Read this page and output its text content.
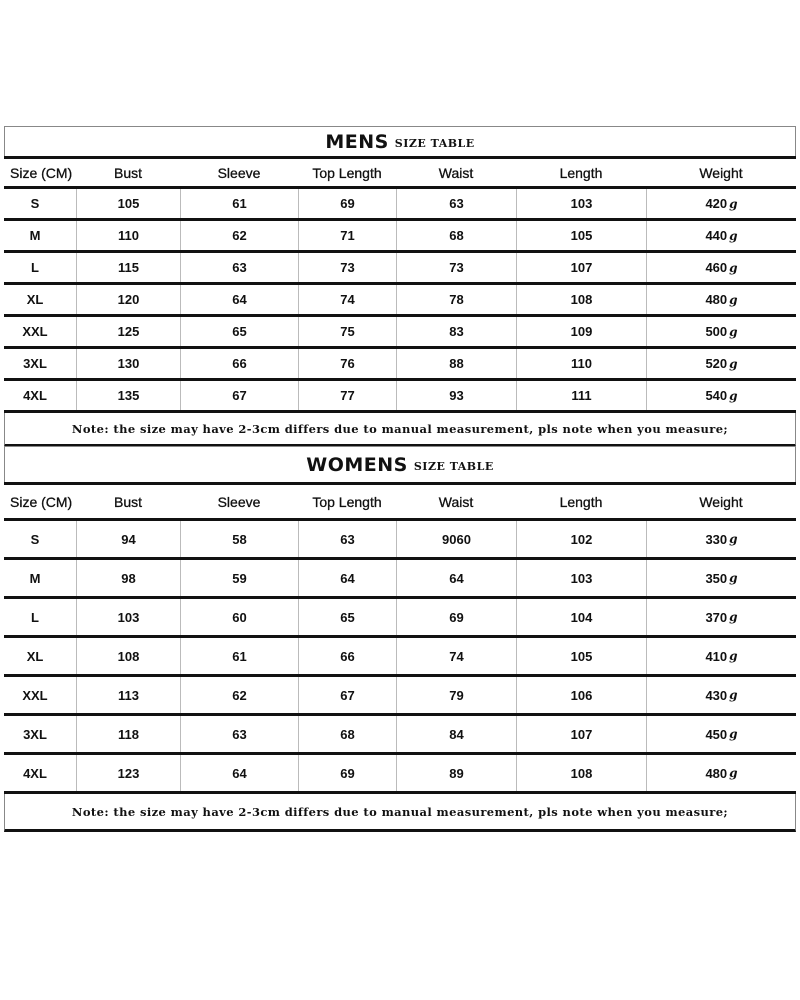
MENS SIZE TABLE
Size (CM)	Bust	Sleeve	Top Length	Waist	Length	Weight
S	105	61	69	63	103	420 g
M	110	62	71	68	105	440 g
L	115	63	73	73	107	460 g
XL	120	64	74	78	108	480 g
XXL	125	65	75	83	109	500 g
3XL	130	66	76	88	110	520 g
4XL	135	67	77	93	111	540 g
Note: the size may have 2-3cm differs due to manual measurement, pls note when you measure;
WOMENS SIZE TABLE
Size (CM)	Bust	Sleeve	Top Length	Waist	Length	Weight
S	94	58	63	9060	102	330 g
M	98	59	64	64	103	350 g
L	103	60	65	69	104	370 g
XL	108	61	66	74	105	410 g
XXL	113	62	67	79	106	430 g
3XL	118	63	68	84	107	450 g
4XL	123	64	69	89	108	480 g
Note: the size may have 2-3cm differs due to manual measurement, pls note when you measure;
